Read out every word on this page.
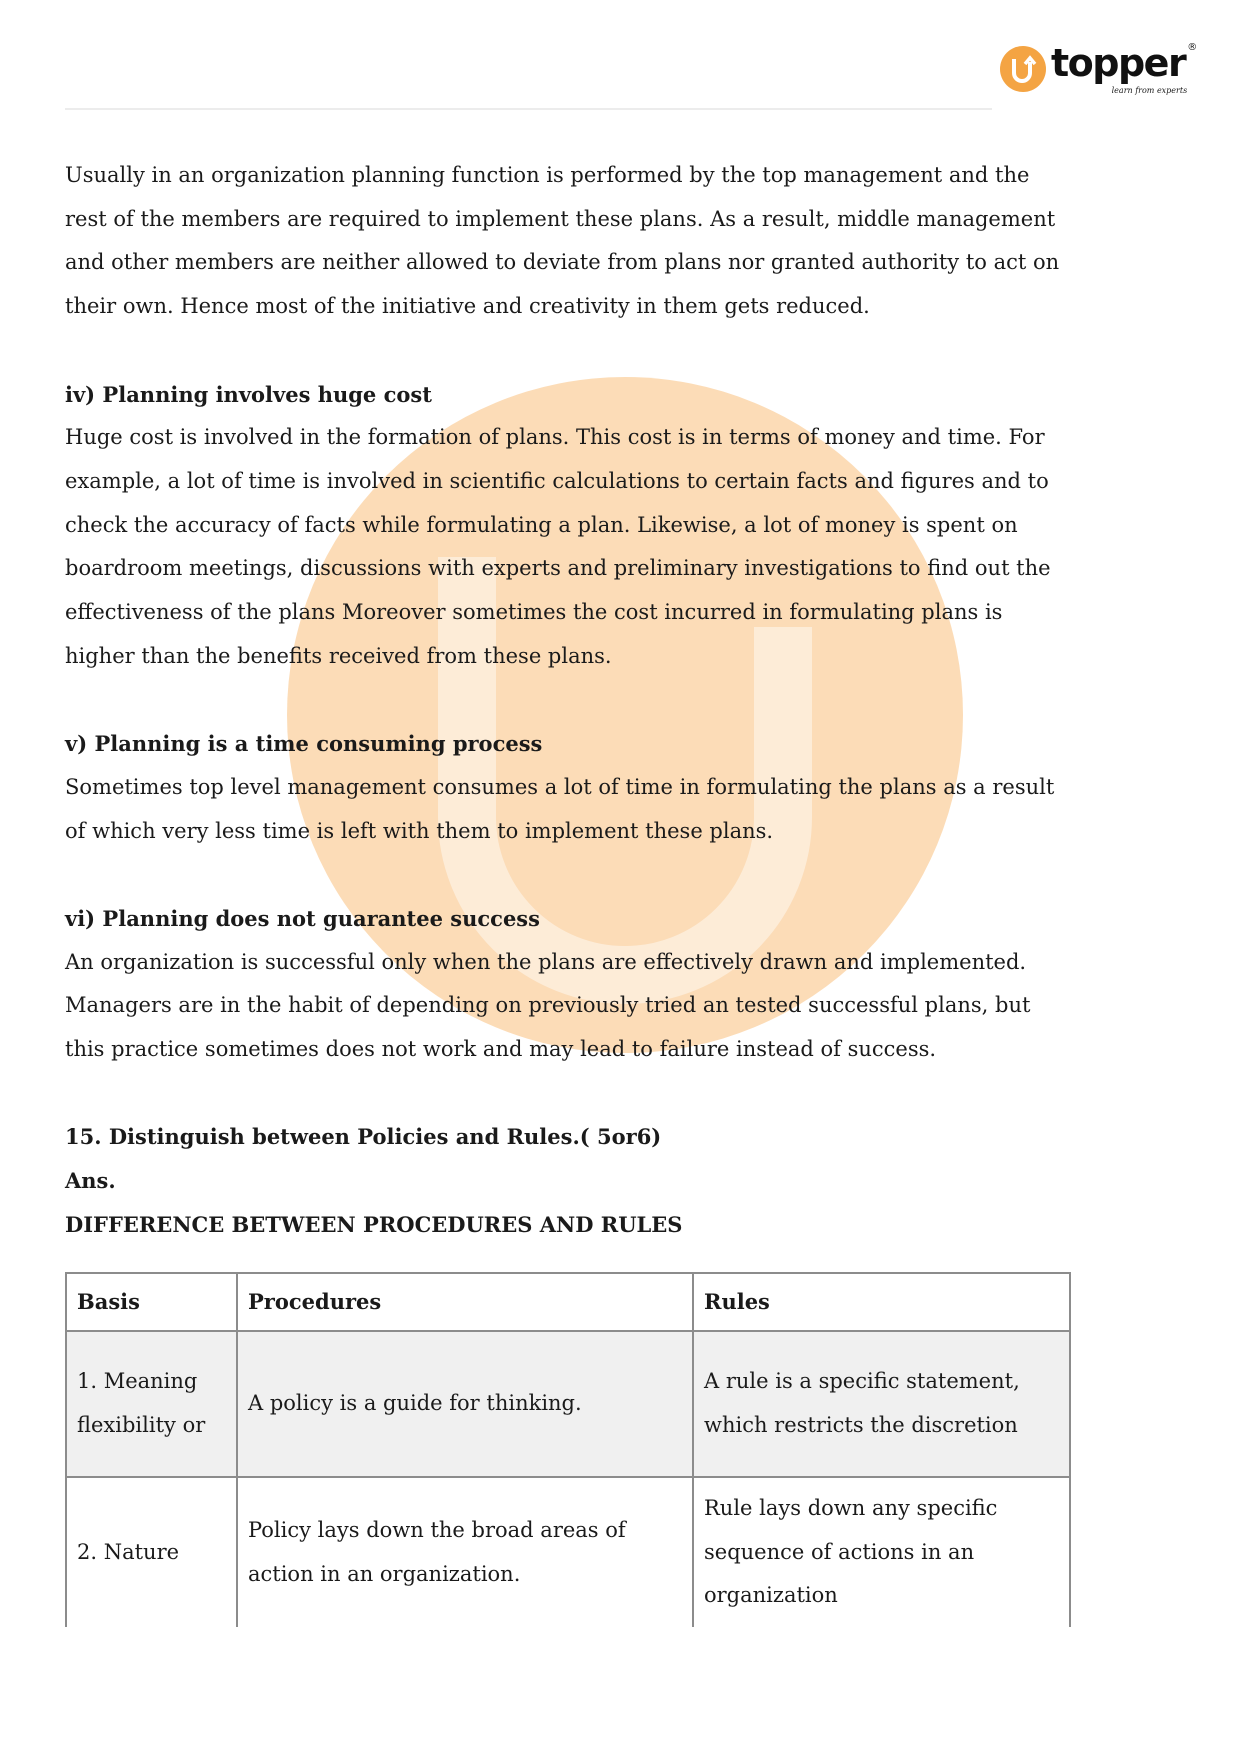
topper ®
learn from experts
Usually in an organization planning function is performed by the top management and the
rest of the members are required to implement these plans. As a result, middle management
and other members are neither allowed to deviate from plans nor granted authority to act on
their own. Hence most of the initiative and creativity in them gets reduced.
iv) Planning involves huge cost
Huge cost is involved in the formation of plans. This cost is in terms of money and time. For
example, a lot of time is involved in scientific calculations to certain facts and figures and to
check the accuracy of facts while formulating a plan. Likewise, a lot of money is spent on
boardroom meetings, discussions with experts and preliminary investigations to find out the
effectiveness of the plans Moreover sometimes the cost incurred in formulating plans is
higher than the benefits received from these plans.
v) Planning is a time consuming process
Sometimes top level management consumes a lot of time in formulating the plans as a result
of which very less time is left with them to implement these plans.
vi) Planning does not guarantee success
An organization is successful only when the plans are effectively drawn and implemented.
Managers are in the habit of depending on previously tried an tested successful plans, but
this practice sometimes does not work and may lead to failure instead of success.
15. Distinguish between Policies and Rules.( 5or6)
Ans.
DIFFERENCE BETWEEN PROCEDURES AND RULES
Basis	Procedures	Rules
1. Meaning flexibility or	A policy is a guide for thinking.	A rule is a specific statement, which restricts the discretion
2. Nature	Policy lays down the broad areas of action in an organization.	Rule lays down any specific sequence of actions in an organization
